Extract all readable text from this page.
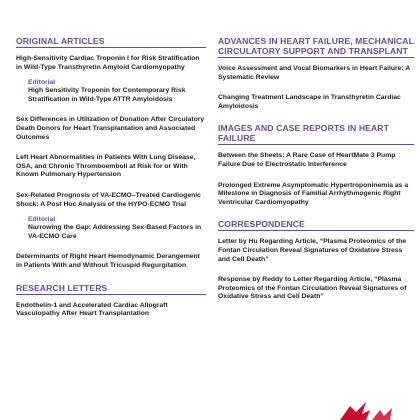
ORIGINAL ARTICLES
High-Sensitivity Cardiac Troponin I for Risk Stratification in Wild-Type Transthyretin Amyloid Cardiomyopathy
Editorial
High Sensitivity Troponin for Contemporary Risk Stratification in Wild-Type ATTR Amyloidosis
Sex Differences in Utilization of Donation After Circulatory Death Donors for Heart Transplantation and Associated Outcomes
Left Heart Abnormalities in Patients With Lung Disease, OSA, and Chronic Thromboemboli at Risk for or With Known Pulmonary Hypertension
Sex-Related Prognosis of VA-ECMO–Treated Cardiogenic Shock: A Post Hoc Analysis of the HYPO-ECMO Trial
Editorial
Narrowing the Gap: Addressing Sex-Based Factors in VA-ECMO Care
Determinants of Right Heart Hemodynamic Derangement in Patients With and Without Tricuspid Regurgitation
RESEARCH LETTERS
Endothelin-1 and Accelerated Cardiac Allograft Vasculopathy After Heart Transplantation
ADVANCES IN HEART FAILURE, MECHANICAL
CIRCULATORY SUPPORT AND TRANSPLANT
Voice Assessment and Vocal Biomarkers in Heart Failure: A Systematic Review
Changing Treatment Landscape in Transthyretin Cardiac Amyloidosis
IMAGES AND CASE REPORTS IN HEART FAILURE
Between the Sheets: A Rare Case of HeartMate 3 Pump Failure Due to Electrostatic Interference
Prolonged Extreme Asymptomatic Hypertroponinemia as a Milestone in Diagnosis of Familial Arrhythmogenic Right Ventricular Cardiomyopathy
CORRESPONDENCE
Letter by Hu Regarding Article, “Plasma Proteomics of the Fontan Circulation Reveal Signatures of Oxidative Stress and Cell Death”
Response by Reddy to Letter Regarding Article, “Plasma Proteomics of the Fontan Circulation Reveal Signatures of Oxidative Stress and Cell Death”
